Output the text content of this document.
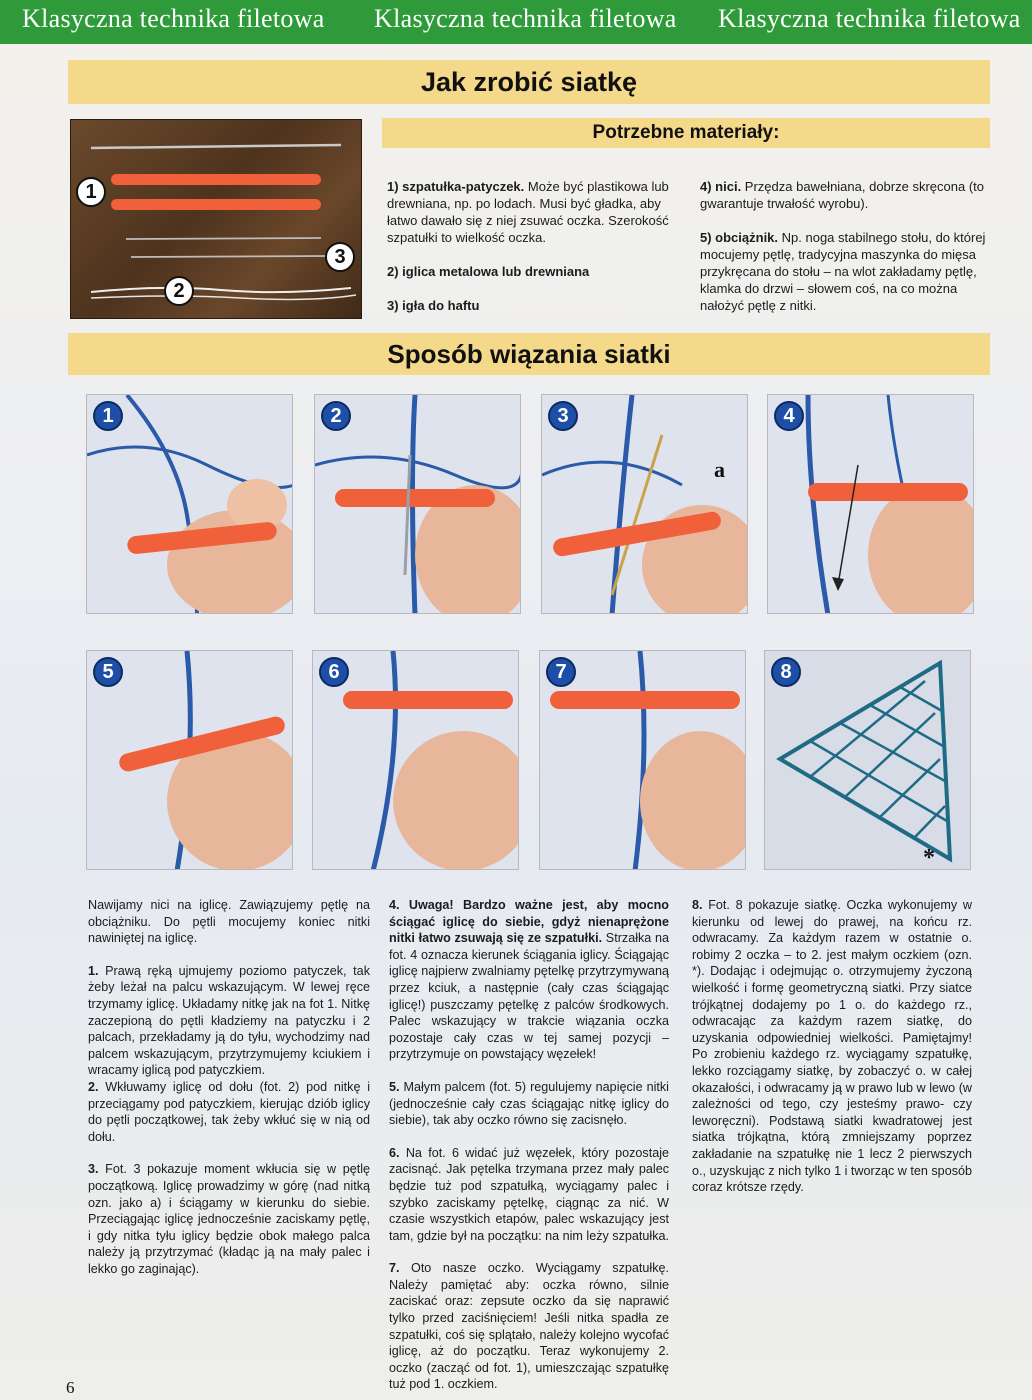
Klasyczna technika filetowa Klasyczna technika filetowa Klasyczna technika filetowa
Jak zrobić siatkę
1
2
3
Potrzebne materiały:

1) szpatułka-patyczek. Może być plastikowa lub drewniana, np. po lodach. Musi być gładka, aby łatwo dawało się z niej zsuwać oczka. Szerokość szpatułki to wielkość oczka.

2) iglica metalowa lub drewniana

3) igła do haftu

4) nici. Przędza bawełniana, dobrze skręcona (to gwarantuje trwałość wyrobu).

5) obciążnik. Np. noga stabilnego stołu, do której mocujemy pętlę, tradycyjna maszynka do mięsa przykręcana do stołu – na wlot zakładamy pętlę, klamka do drzwi – słowem coś, na co można nałożyć pętlę z nitki.

Sposób wiązania siatki
1	2	3
a
4
5	6	7	8
*

Nawijamy nici na iglicę. Zawiązujemy pętlę na obciążniku. Do pętli mocujemy koniec nitki nawiniętej na iglicę.

1. Prawą ręką ujmujemy poziomo patyczek, tak żeby leżał na palcu wskazującym. W lewej ręce trzymamy iglicę. Układamy nitkę jak na fot 1. Nitkę zaczepioną do pętli kładziemy na patyczku i 2 palcach, przekładamy ją do tyłu, wychodzimy nad palcem wskazującym, przytrzymujemy kciukiem i wracamy iglicą pod patyczkiem.

2. Wkłuwamy iglicę od dołu (fot. 2) pod nitkę i przeciągamy pod patyczkiem, kierując dziób iglicy do pętli początkowej, tak żeby wkłuć się w nią od dołu.

3. Fot. 3 pokazuje moment wkłucia się w pętlę początkową. Iglicę prowadzimy w górę (nad nitką ozn. jako a) i ściągamy w kierunku do siebie. Przeciągając iglicę jednocześnie zaciskamy pętlę, i gdy nitka tyłu iglicy będzie obok małego palca należy ją przytrzymać (kładąc ją na mały palec i lekko go zaginając).

4. Uwaga! Bardzo ważne jest, aby mocno ściągać iglicę do siebie, gdyż nienaprężone nitki łatwo zsuwają się ze szpatułki. Strzałka na fot. 4 oznacza kierunek ściągania iglicy. Ściągając iglicę najpierw zwalniamy pętelkę przytrzymywaną przez kciuk, a następnie (cały czas ściągając iglicę!) puszczamy pętelkę z palców środkowych. Palec wskazujący w trakcie wiązania oczka pozostaje cały czas w tej samej pozycji – przytrzymuje on powstający węzełek!

5. Małym palcem (fot. 5) regulujemy napięcie nitki (jednocześnie cały czas ściągając nitkę iglicy do siebie), tak aby oczko równo się zacisnęło.

6. Na fot. 6 widać już węzełek, który pozostaje zacisnąć. Jak pętelka trzymana przez mały palec będzie tuż pod szpatułką, wyciągamy palec i szybko zaciskamy pętelkę, ciągnąc za nić. W czasie wszystkich etapów, palec wskazujący jest tam, gdzie był na początku: na nim leży szpatułka.

7. Oto nasze oczko. Wyciągamy szpatułkę. Należy pamiętać aby: oczka równo, silnie zaciskać oraz: zepsute oczko da się naprawić tylko przed zaciśnięciem! Jeśli nitka spadła ze szpatułki, coś się splątało, należy kolejno wycofać iglicę, aż do początku. Teraz wykonujemy 2. oczko (zacząć od fot. 1), umieszczając szpatułkę tuż pod 1. oczkiem.

8. Fot. 8 pokazuje siatkę. Oczka wykonujemy w kierunku od lewej do prawej, na końcu rz. odwracamy. Za każdym razem w ostatnie o. robimy 2 oczka – to 2. jest małym oczkiem (ozn. *). Dodając i odejmując o. otrzymujemy życzoną wielkość i formę geometryczną siatki. Przy siatce trójkątnej dodajemy po 1 o. do każdego rz., odwracając za każdym razem siatkę, do uzyskania odpowiedniej wielkości. Pamiętajmy! Po zrobieniu każdego rz. wyciągamy szpatułkę, lekko rozciągamy siatkę, by zobaczyć o. w całej okazałości, i odwracamy ją w prawo lub w lewo (w zależności od tego, czy jesteśmy prawo- czy leworęczni). Podstawą siatki kwadratowej jest siatka trójkątna, którą zmniejszamy poprzez zakładanie na szpatułkę nie 1 lecz 2 pierwszych o., uzyskując z nich tylko 1 i tworząc w ten sposób coraz krótsze rzędy.

6
